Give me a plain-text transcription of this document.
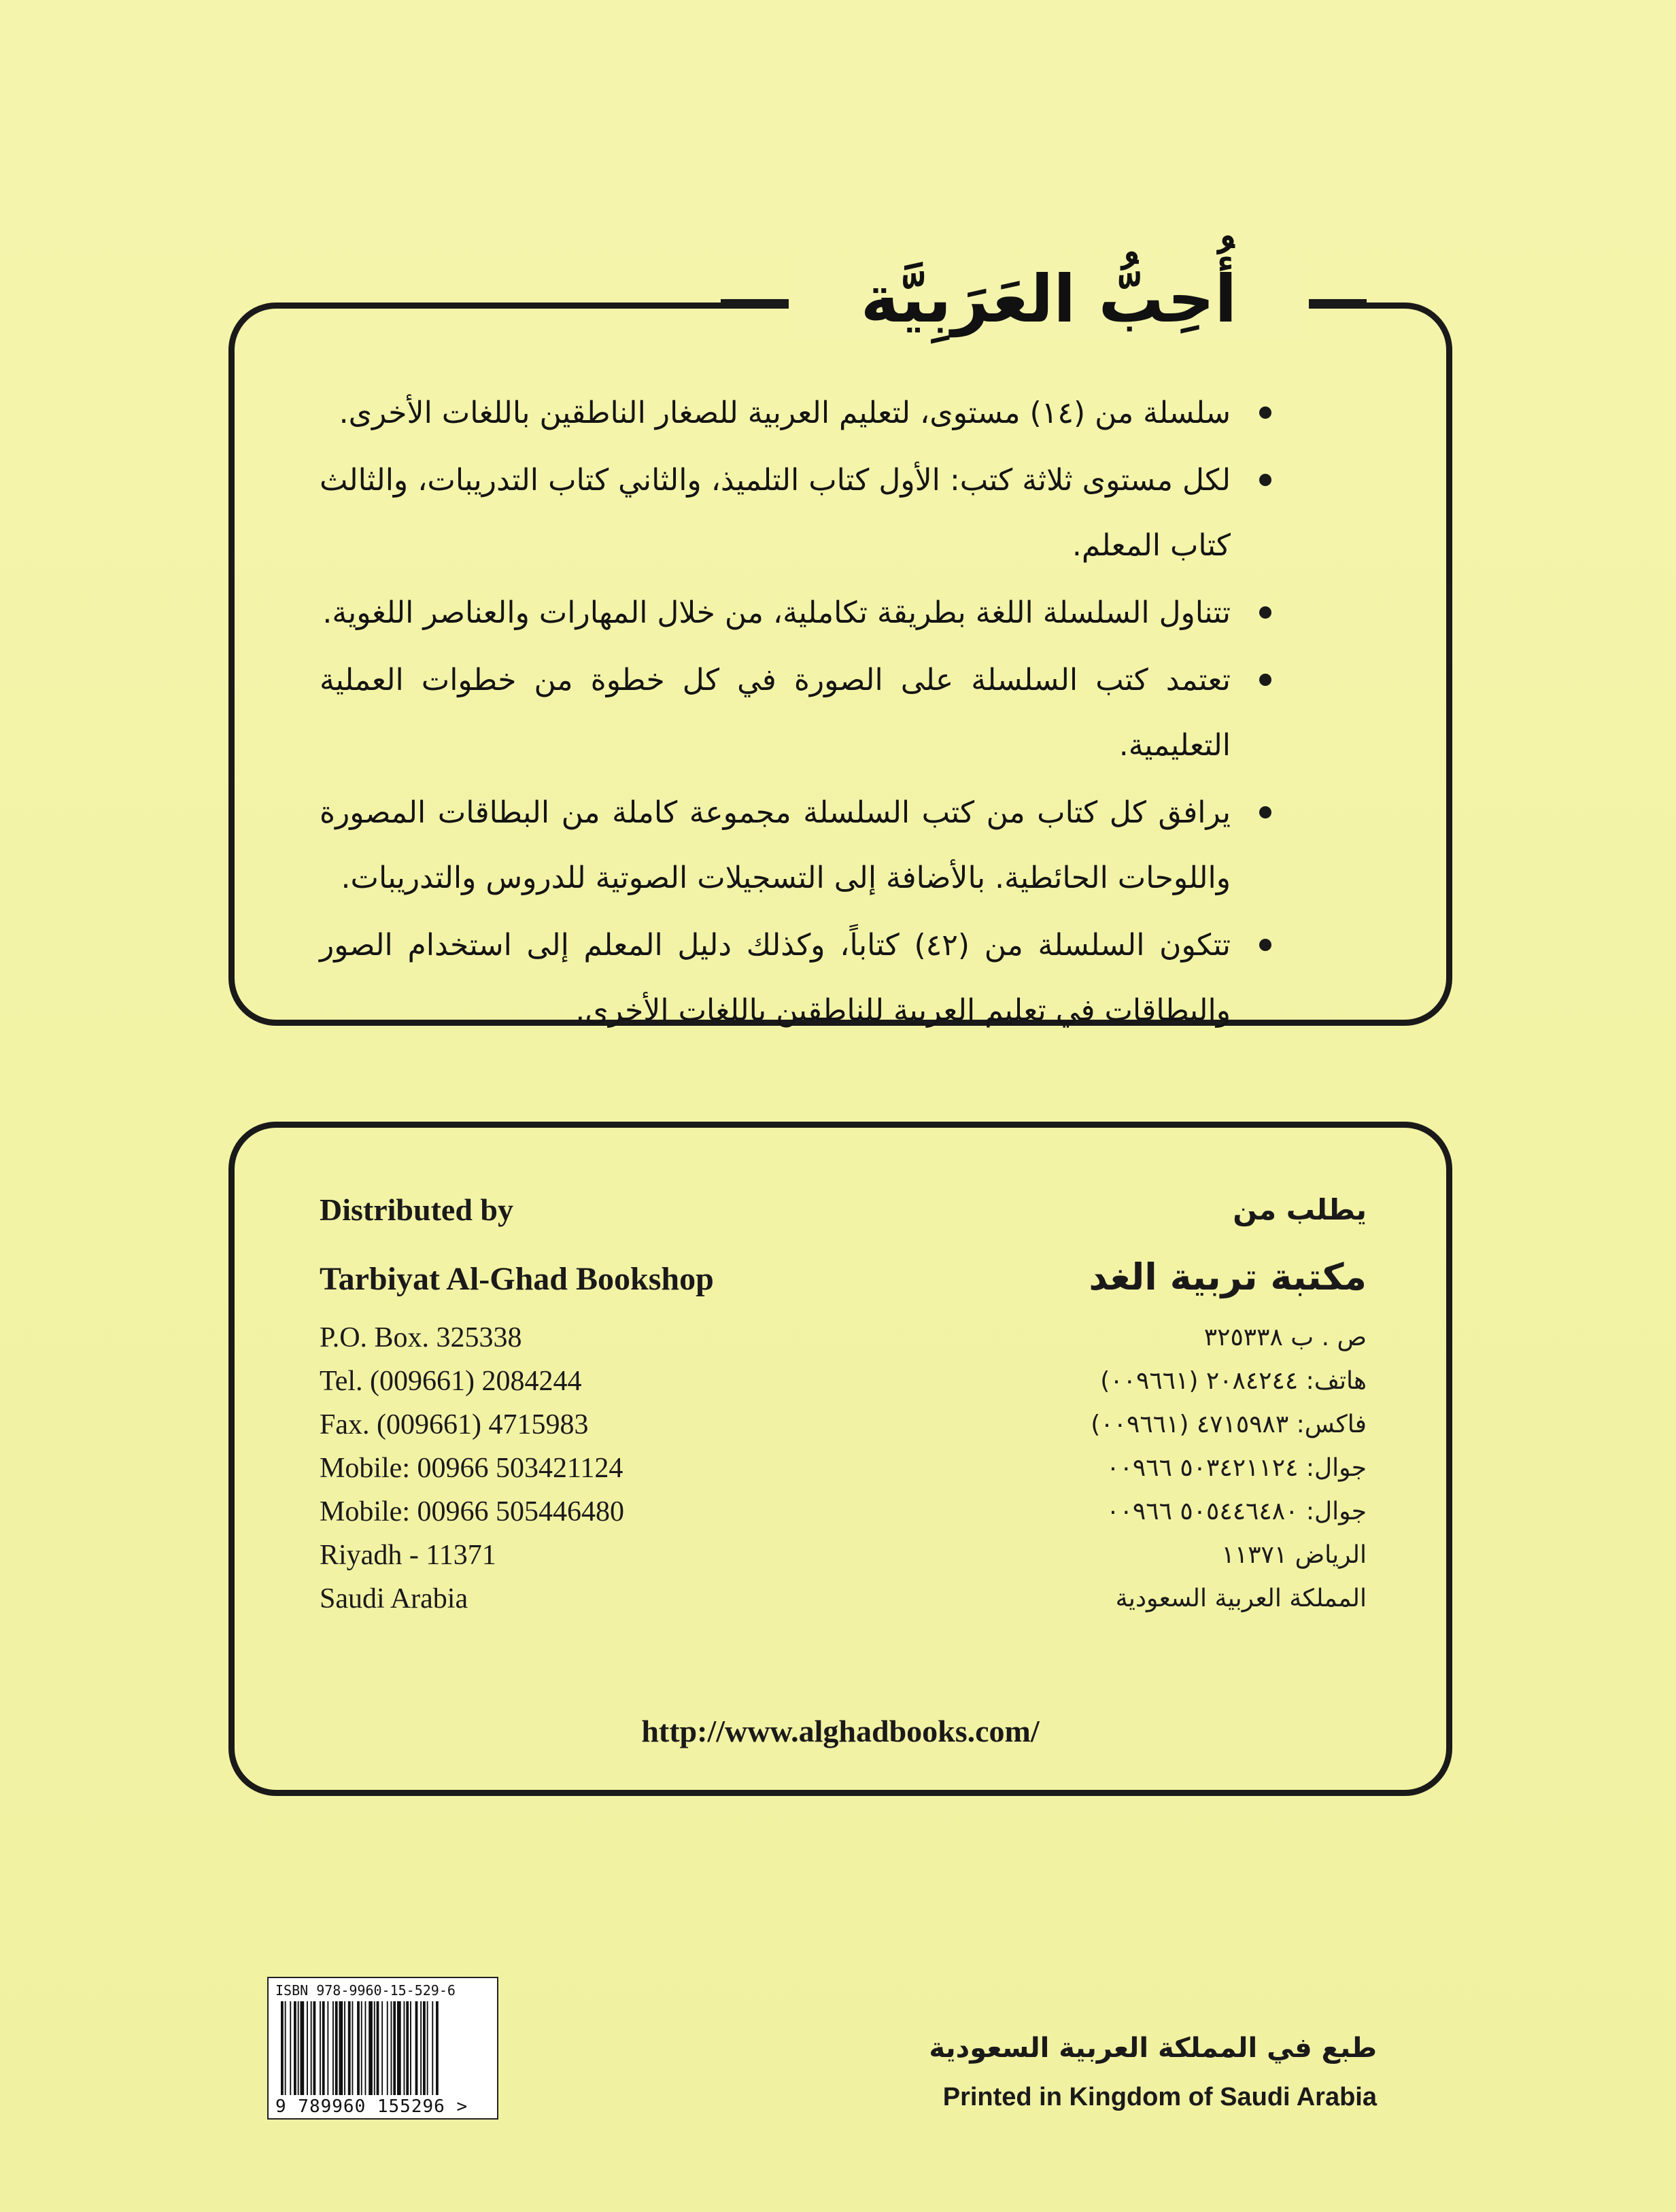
أُحِبُّ العَرَبِيَّة
سلسلة من (١٤) مستوى، لتعليم العربية للصغار الناطقين باللغات الأخرى.
لكل مستوى ثلاثة كتب: الأول كتاب التلميذ، والثاني كتاب التدريبات، والثالث كتاب المعلم.
تتناول السلسلة اللغة بطريقة تكاملية، من خلال المهارات والعناصر اللغوية.
تعتمد كتب السلسلة على الصورة في كل خطوة من خطوات العملية التعليمية.
يرافق كل كتاب من كتب السلسلة مجموعة كاملة من البطاقات المصورة واللوحات الحائطية. بالأضافة إلى التسجيلات الصوتية للدروس والتدريبات.
تتكون السلسلة من (٤٢) كتاباً، وكذلك دليل المعلم إلى استخدام الصور والبطاقات في تعليم العربية للناطقين باللغات الأخرى.
Distributed by
Tarbiyat Al-Ghad Bookshop
P.O. Box. 325338
Tel. (009661) 2084244
Fax. (009661) 4715983
Mobile: 00966 503421124
Mobile: 00966 505446480
Riyadh - 11371
Saudi Arabia
يطلب من
مكتبة تربية الغد
ص . ب ٣٢٥٣٣٨
هاتف: ٢٠٨٤٢٤٤ (٠٠٩٦٦١)
فاكس: ٤٧١٥٩٨٣ (٠٠٩٦٦١)
جوال: ٥٠٣٤٢١١٢٤ ٠٠٩٦٦
جوال: ٥٠٥٤٤٦٤٨٠ ٠٠٩٦٦
الرياض ١١٣٧١
المملكة العربية السعودية
http://www.alghadbooks.com/
ISBN 978-9960-15-529-6
9 789960 155296 >
طبع في المملكة العربية السعودية
Printed in Kingdom of Saudi Arabia
